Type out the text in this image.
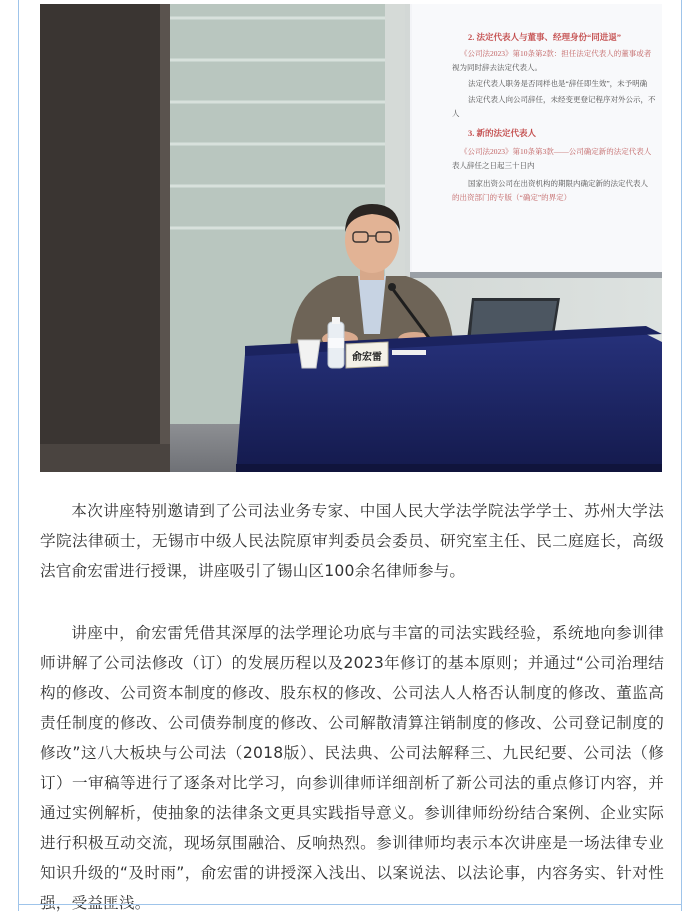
2. 法定代表人与董事、经理身份“同进退”
《公司法2023》第10条第2款：担任法定代表人的董事或者
视为同时辞去法定代表人。
法定代表人职务是否同样也是“辞任即生效”，未予明确
法定代表人向公司辞任，未经变更登记程序对外公示，不
人
3. 新的法定代表人
《公司法2023》第10条第3款——公司确定新的法定代表人
表人辞任之日起三十日内
国家出资公司在出资机构的期限内确定新的法定代表人
的出资部门的专版（“确定”的界定）
俞宏雷

本次讲座特别邀请到了公司法业务专家、中国人民大学法学院法学学士、苏州大学法学院法律硕士，无锡市中级人民法院原审判委员会委员、研究室主任、民二庭庭长，高级法官俞宏雷进行授课，讲座吸引了锡山区100余名律师参与。

讲座中，俞宏雷凭借其深厚的法学理论功底与丰富的司法实践经验，系统地向参训律师讲解了公司法修改（订）的发展历程以及2023年修订的基本原则；并通过“公司治理结构的修改、公司资本制度的修改、股东权的修改、公司法人人格否认制度的修改、董监高责任制度的修改、公司债券制度的修改、公司解散清算注销制度的修改、公司登记制度的修改”这八大板块与公司法（2018版）、民法典、公司法解释三、九民纪要、公司法（修订）一审稿等进行了逐条对比学习，向参训律师详细剖析了新公司法的重点修订内容，并通过实例解析，使抽象的法律条文更具实践指导意义。参训律师纷纷结合案例、企业实际进行积极互动交流，现场氛围融洽、反响热烈。参训律师均表示本次讲座是一场法律专业知识升级的“及时雨”，俞宏雷的讲授深入浅出、以案说法、以法论事，内容务实、针对性强，受益匪浅。
